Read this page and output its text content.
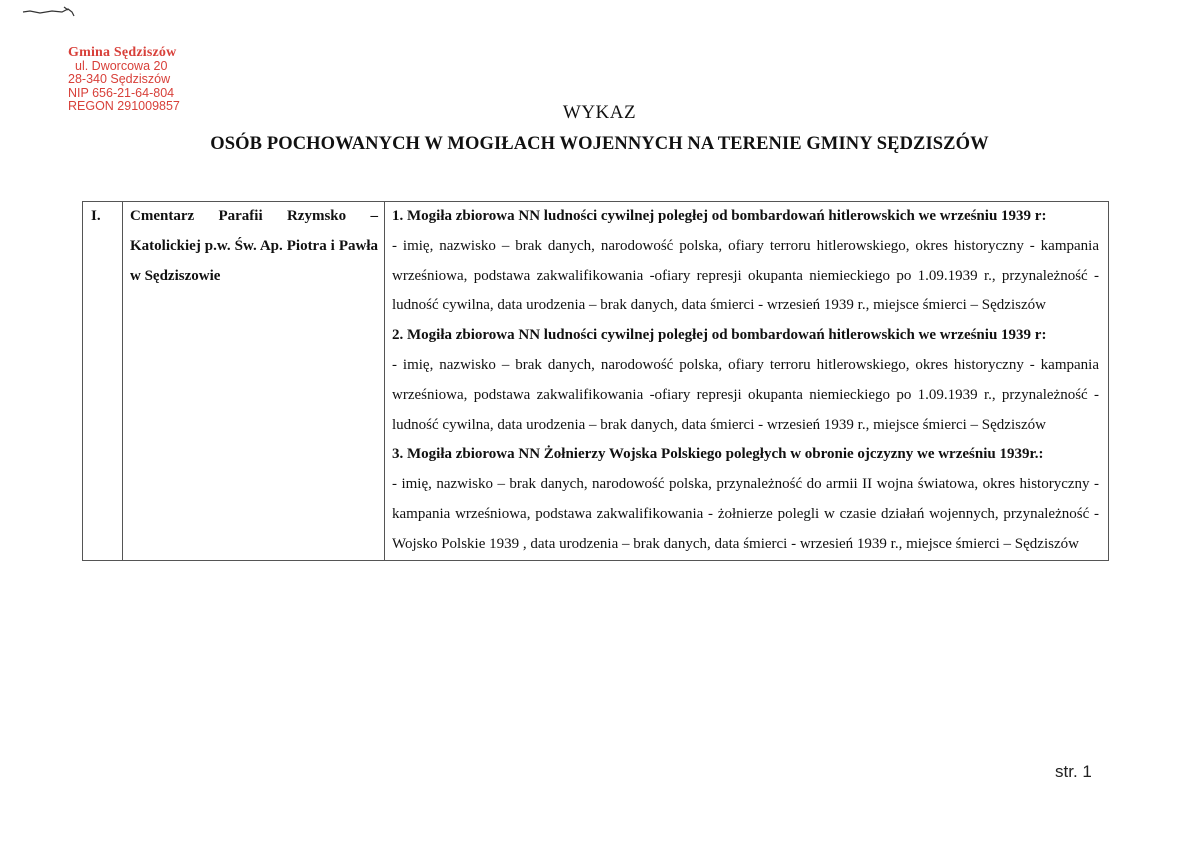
Gmina Sędziszów
ul. Dworcowa 20
28-340 Sędziszów
NIP 656-21-64-804
REGON 291009857	WYKAZ
OSÓB POCHOWANYCH W MOGIŁACH WOJENNYCH NA TERENIE GMINY SĘDZISZÓW
I.	Cmentarz Parafii Rzymsko – Katolickiej p.w. Św. Ap. Piotra i Pawła w Sędziszowie	
1. Mogiła zbiorowa NN ludności cywilnej poległej od bombardowań hitlerowskich we wrześniu 1939 r:
- imię, nazwisko – brak danych, narodowość polska, ofiary terroru hitlerowskiego, okres historyczny - kampania wrześniowa, podstawa zakwalifikowania -ofiary represji okupanta niemieckiego po 1.09.1939 r., przynależność - ludność cywilna, data urodzenia – brak danych, data śmierci - wrzesień 1939 r., miejsce śmierci – Sędziszów
2. Mogiła zbiorowa NN ludności cywilnej poległej od bombardowań hitlerowskich we wrześniu 1939 r:
- imię, nazwisko – brak danych, narodowość polska, ofiary terroru hitlerowskiego, okres historyczny - kampania wrześniowa, podstawa zakwalifikowania -ofiary represji okupanta niemieckiego po 1.09.1939 r., przynależność - ludność cywilna, data urodzenia – brak danych, data śmierci - wrzesień 1939 r., miejsce śmierci – Sędziszów
3. Mogiła zbiorowa NN Żołnierzy Wojska Polskiego poległych w obronie ojczyzny we wrześniu 1939r.:
- imię, nazwisko – brak danych, narodowość polska, przynależność do armii II wojna światowa, okres historyczny - kampania wrześniowa, podstawa zakwalifikowania - żołnierze polegli w czasie działań wojennych, przynależność - Wojsko Polskie 1939 , data urodzenia – brak danych, data śmierci - wrzesień 1939 r., miejsce śmierci – Sędziszów
str. 1
